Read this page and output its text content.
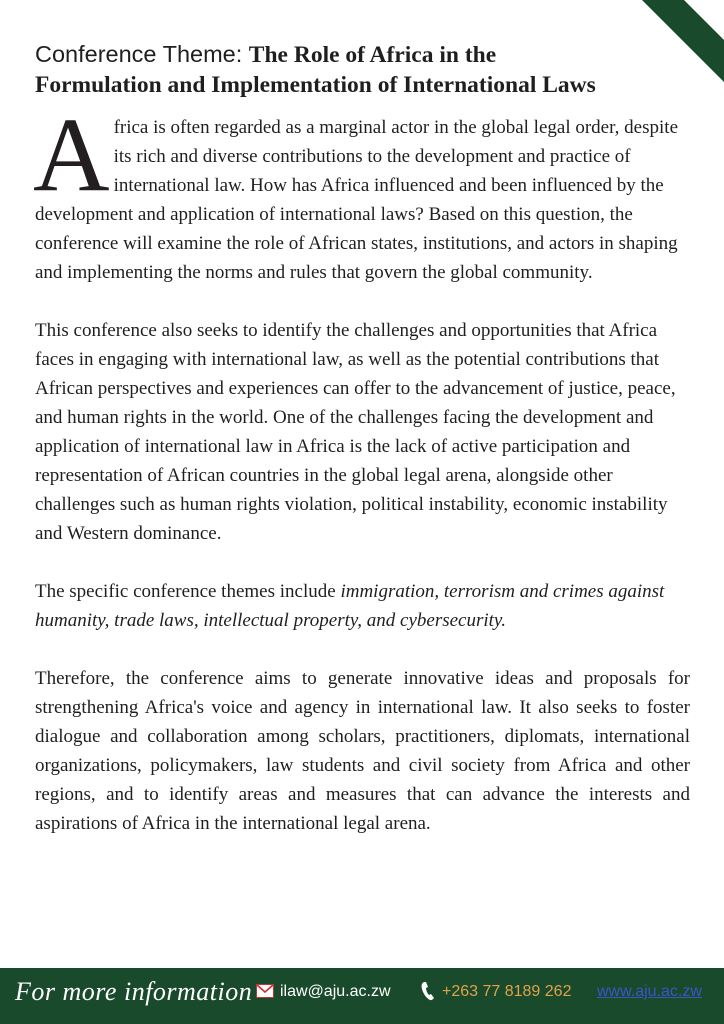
Conference Theme: The Role of Africa in the
Formulation and Implementation of International Laws

Africa is often regarded as a marginal actor in the global legal order, despite its rich and diverse contributions to the development and practice of international law. How has Africa influenced and been influenced by the development and application of international laws? Based on this question, the conference will examine the role of African states, institutions, and actors in shaping and implementing the norms and rules that govern the global community.

This conference also seeks to identify the challenges and opportunities that Africa faces in engaging with international law, as well as the potential contributions that African perspectives and experiences can offer to the advancement of justice, peace, and human rights in the world. One of the challenges facing the development and application of international law in Africa is the lack of active participation and representation of African countries in the global legal arena, alongside other challenges such as human rights violation, political instability, economic instability and Western dominance.

The specific conference themes include immigration, terrorism and crimes against humanity, trade laws, intellectual property, and cybersecurity.

Therefore, the conference aims to generate innovative ideas and proposals for strengthening Africa's voice and agency in international law. It also seeks to foster dialogue and collaboration among scholars, practitioners, diplomats, international organizations, policymakers, law students and civil society from Africa and other regions, and to identify areas and measures that can advance the interests and aspirations of Africa in the international legal arena.

For more information ilaw@aju.ac.zw	+263 77 8189 262 www.aju.ac.zw
